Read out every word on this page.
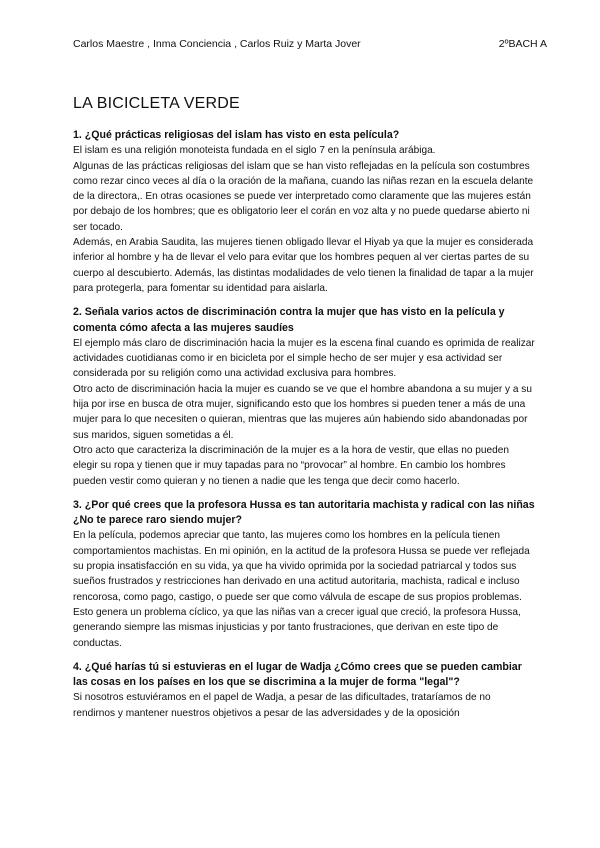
Carlos Maestre , Inma Conciencia , Carlos Ruiz y Marta Jover	2ºBACH A
LA BICICLETA VERDE

1. ¿Qué prácticas religiosas del islam has visto en esta película?

El islam es una religión monoteista fundada en el siglo 7 en la península arábiga.

Algunas de las prácticas religiosas del islam que se han visto reflejadas en la película son costumbres como rezar cinco veces al día o la oración de la mañana, cuando las niñas rezan en la escuela delante de la directora,. En otras ocasiones se puede ver interpretado como claramente que las mujeres están por debajo de los hombres; que es obligatorio leer el corán en voz alta y no puede quedarse abierto ni ser tocado.

Además, en Arabia Saudita, las mujeres tienen obligado llevar el Hiyab ya que la mujer es considerada inferior al hombre y ha de llevar el velo para evitar que los hombres pequen al ver ciertas partes de su cuerpo al descubierto. Además, las distintas modalidades de velo tienen la finalidad de tapar a la mujer para protegerla, para fomentar su identidad para aislarla.

2. Señala varios actos de discriminación contra la mujer que has visto en la película y comenta cómo afecta a las mujeres saudíes

El ejemplo más claro de discriminación hacia la mujer es la escena final cuando es oprimida de realizar actividades cuotidianas como ir en bicicleta por el simple hecho de ser mujer y esa actividad ser considerada por su religión como una actividad exclusiva para hombres.

Otro acto de discriminación hacia la mujer es cuando se ve que el hombre abandona a su mujer y a su hija por irse en busca de otra mujer, significando esto que los hombres si pueden tener a más de una mujer para lo que necesiten o quieran, mientras que las mujeres aún habiendo sido abandonadas por sus maridos, siguen sometidas a él.

Otro acto que caracteriza la discriminación de la mujer es a la hora de vestir, que ellas no pueden elegir su ropa y tienen que ir muy tapadas para no “provocar” al hombre. En cambio los hombres pueden vestir como quieran y no tienen a nadie que les tenga que decir como hacerlo.

3. ¿Por qué crees que la profesora Hussa es tan autoritaria machista y radical con las niñas ¿No te parece raro siendo mujer?

En la película, podemos apreciar que tanto, las mujeres como los hombres en la película tienen comportamientos machistas. En mi opinión, en la actitud de la profesora Hussa se puede ver reflejada

su propia insatisfacción en su vida, ya que ha vivido oprimida por la sociedad patriarcal y todos sus sueños frustrados y restricciones han derivado en una actitud autoritaria, machista, radical e incluso rencorosa, como pago, castigo, o puede ser que como válvula de escape de sus propios problemas. Esto genera un problema cíclico, ya que las niñas van a crecer igual que creció, la profesora Hussa, generando siempre las mismas injusticias y por tanto frustraciones, que derivan en este tipo de conductas.

4. ¿Qué harías tú si estuvieras en el lugar de Wadja ¿Cómo crees que se pueden cambiar las cosas en los países en los que se discrimina a la mujer de forma "legal"?

Si nosotros estuviéramos en el papel de Wadja, a pesar de las dificultades, trataríamos de no rendirnos y mantener nuestros objetivos a pesar de las adversidades y de la oposición
